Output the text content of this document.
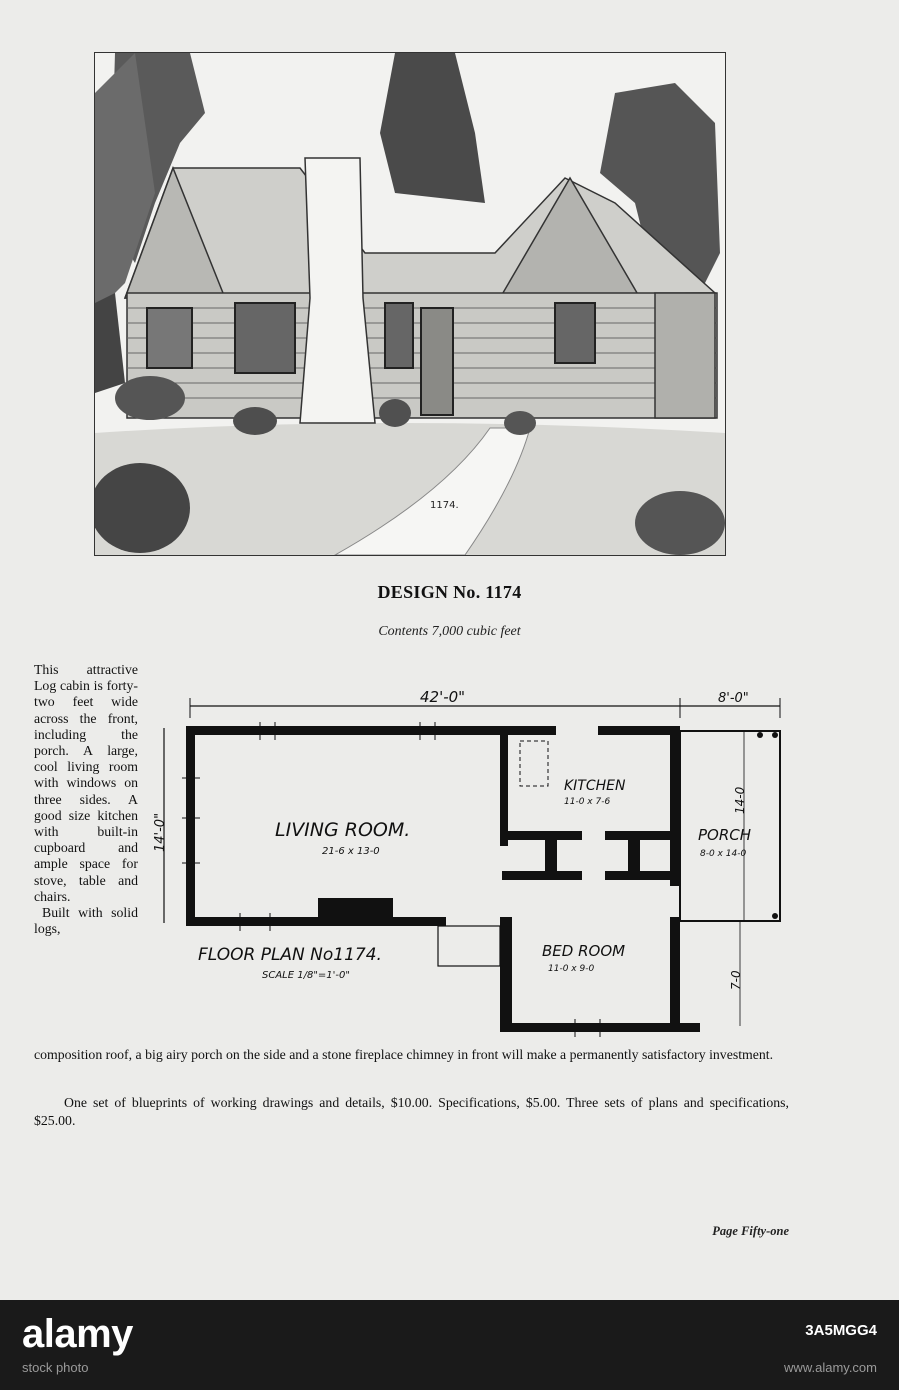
1174.
DESIGN No. 1174
Contents 7,000 cubic feet

This attractive Log cabin is forty-two feet wide across the front, including the porch. A large, cool living room with windows on three sides. A good size kitchen with built-in cupboard and ample space for stove, table and chairs.

Built with solid logs,

42'-0"	8'-0"
14'-0"
14-0
7-0
LIVING ROOM.
21-6 x 13-0
KITCHEN
11-0 x 7-6
PORCH
8-0 x 14-0
BED ROOM
11-0 x 9-0
FLOOR PLAN No1174.
SCALE 1/8"=1'-0"
composition roof, a big airy porch on the side and a stone fireplace chimney in front will make a permanently satisfactory investment.
One set of blueprints of working drawings and details, $10.00. Specifications, $5.00. Three sets of plans and specifications, $25.00.
Page Fifty-one
alamy
stock photo
3A5MGG4
www.alamy.com
